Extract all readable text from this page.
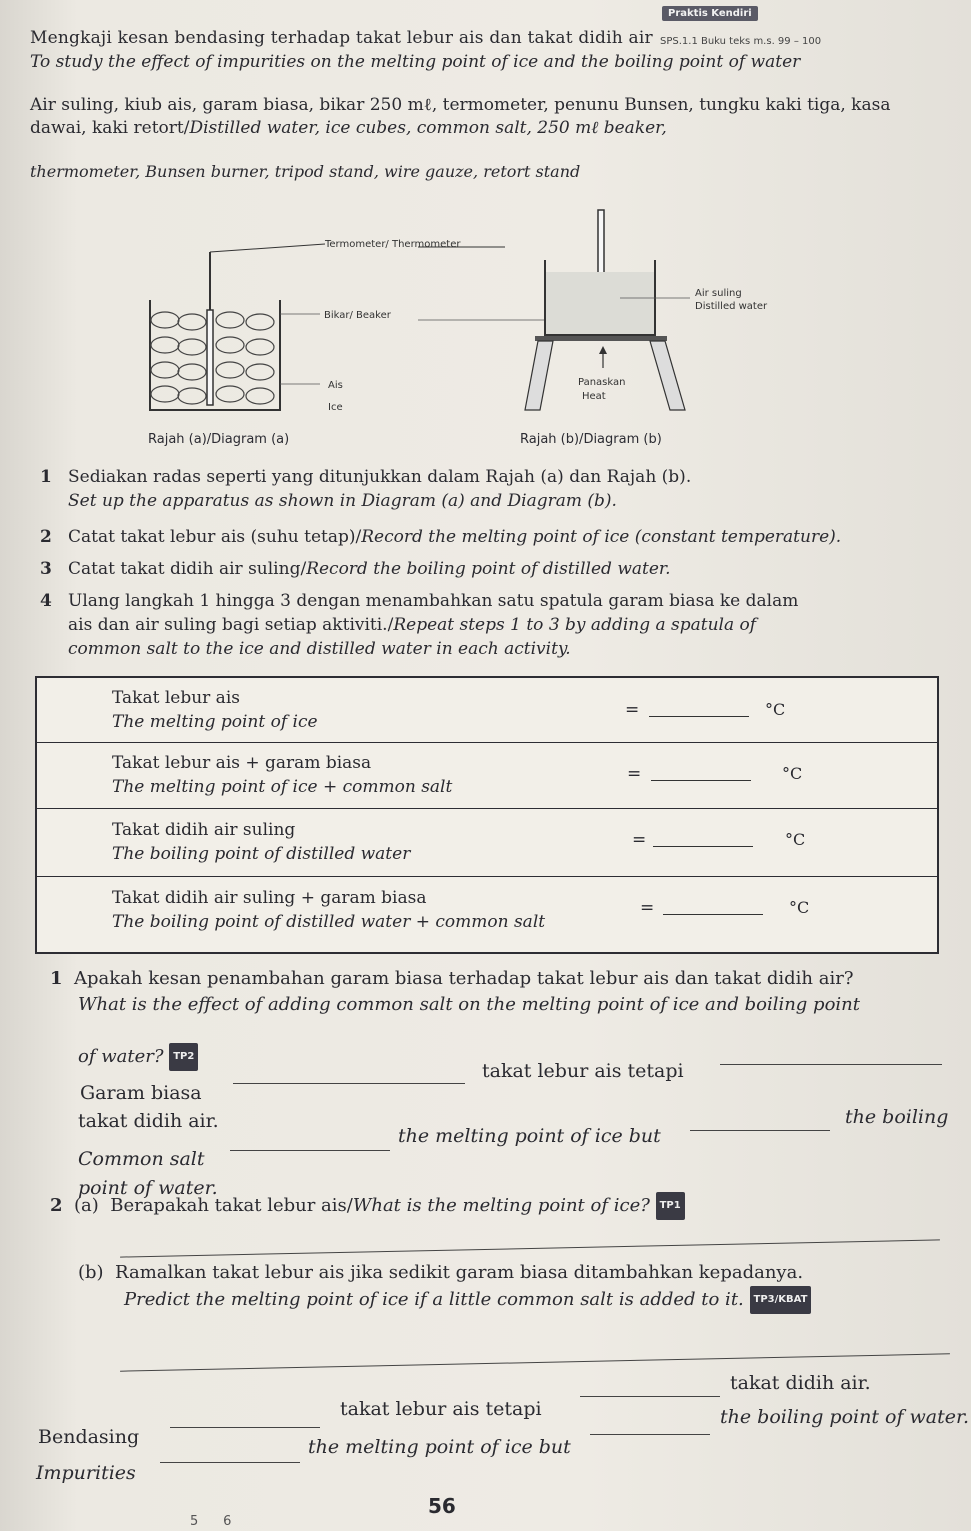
Praktis Kendiri
SPS.1.1 Buku teks m.s. 99 – 100
Mengkaji kesan bendasing terhadap takat lebur ais dan takat didih air
To study the effect of impurities on the melting point of ice and the boiling point of water
Air suling, kiub ais, garam biasa, bikar 250 mℓ, termometer, penunu Bunsen, tungku kaki tiga, kasa dawai, kaki retort/Distilled water, ice cubes, common salt, 250 mℓ beaker,
thermometer, Bunsen burner, tripod stand, wire gauze, retort stand
Termometer/ Thermometer
Bikar/ Beaker
Ais
Ice
Rajah (a)/Diagram (a)
Air suling
Distilled water
Panaskan
Heat
Rajah (b)/Diagram (b)
1 Sediakan radas seperti yang ditunjukkan dalam Rajah (a) dan Rajah (b).
Set up the apparatus as shown in Diagram (a) and Diagram (b).
2 Catat takat lebur ais (suhu tetap)/Record the melting point of ice (constant temperature).
3 Catat takat didih air suling/Record the boiling point of distilled water.
4 Ulang langkah 1 hingga 3 dengan menambahkan satu spatula garam biasa ke dalam
ais dan air suling bagi setiap aktiviti./Repeat steps 1 to 3 by adding a spatula of
common salt to the ice and distilled water in each activity.
Takat lebur ais
The melting point of ice
=	°C
Takat lebur ais + garam biasa
The melting point of ice + common salt
=	°C
Takat didih air suling
The boiling point of distilled water
=	°C
Takat didih air suling + garam biasa
The boiling point of distilled water + common salt
=	°C
1 Apakah kesan penambahan garam biasa terhadap takat lebur ais dan takat didih air?
What is the effect of adding common salt on the melting point of ice and boiling point
of water? TP2
Garam biasa
takat lebur ais tetapi
takat didih air.
Common salt
the melting point of ice but
the boiling
point of water.
2 (a) Berapakah takat lebur ais/What is the melting point of ice? TP1
(b) Ramalkan takat lebur ais jika sedikit garam biasa ditambahkan kepadanya.
Predict the melting point of ice if a little common salt is added to it. TP3/KBAT
Bendasing
takat lebur ais tetapi
takat didih air.
Impurities
the melting point of ice but
the boiling point of water.
56
5      6
